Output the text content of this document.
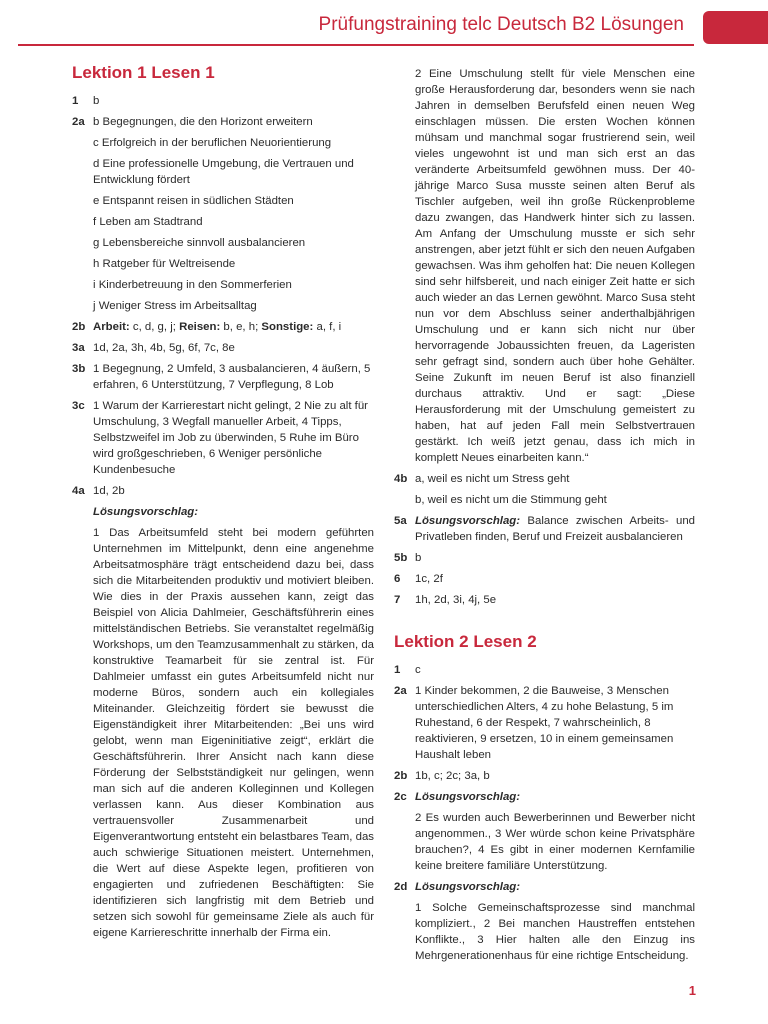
Prüfungstraining telc Deutsch B2 Lösungen
Lektion 1 Lesen 1
1 b
2a b Begegnungen, die den Horizont erweitern
c Erfolgreich in der beruflichen Neuorientierung
d Eine professionelle Umgebung, die Vertrauen und Entwicklung fördert
e Entspannt reisen in südlichen Städten
f Leben am Stadtrand
g Lebensbereiche sinnvoll ausbalancieren
h Ratgeber für Weltreisende
i Kinderbetreuung in den Sommerferien
j Weniger Stress im Arbeitsalltag
2b Arbeit: c, d, g, j; Reisen: b, e, h; Sonstige: a, f, i
3a 1d, 2a, 3h, 4b, 5g, 6f, 7c, 8e
3b 1 Begegnung, 2 Umfeld, 3 ausbalancieren, 4 äußern, 5 erfahren, 6 Unterstützung, 7 Verpflegung, 8 Lob
3c 1 Warum der Karrierestart nicht gelingt, 2 Nie zu alt für Umschulung, 3 Wegfall manueller Arbeit, 4 Tipps, Selbstzweifel im Job zu überwinden, 5 Ruhe im Büro wird großgeschrieben, 6 Weniger persönliche Kundenbesuche
4a 1d, 2b
Lösungsvorschlag:
1 Das Arbeitsumfeld steht bei modern geführten Unternehmen im Mittelpunkt, denn eine angenehme Arbeitsatmosphäre trägt entscheidend dazu bei, dass sich die Mitarbeitenden produktiv und motiviert bleiben. Wie dies in der Praxis aussehen kann, zeigt das Beispiel von Alicia Dahlmeier, Geschäftsführerin eines mittelständischen Betriebs. Sie veranstaltet regelmäßig Workshops, um den Teamzusammenhalt zu stärken, da konstruktive Teamarbeit für sie zentral ist. Für Dahlmeier umfasst ein gutes Arbeitsumfeld nicht nur moderne Büros, sondern auch ein kollegiales Miteinander. Gleichzeitig fördert sie bewusst die Eigenständigkeit ihrer Mitarbeitenden: „Bei uns wird gelobt, wenn man Eigeninitiative zeigt“, erklärt die Geschäftsführerin. Ihrer Ansicht nach kann diese Förderung der Selbstständigkeit nur gelingen, wenn man sich auf die anderen Kolleginnen und Kollegen verlassen kann. Aus dieser Kombination aus vertrauensvoller Zusammenarbeit und Eigenverantwortung entsteht ein belastbares Team, das auch schwierige Situationen meistert. Unternehmen, die Wert auf diese Aspekte legen, profitieren von engagierten und zufriedenen Beschäftigten: Sie identifizieren sich langfristig mit dem Betrieb und setzen sich sowohl für gemeinsame Ziele als auch für eigene Karriereschritte innerhalb der Firma ein.
2 Eine Umschulung stellt für viele Menschen eine große Herausforderung dar, besonders wenn sie nach Jahren in demselben Berufsfeld einen neuen Weg einschlagen müssen. Die ersten Wochen können mühsam und manchmal sogar frustrierend sein, weil vieles ungewohnt ist und man sich erst an das veränderte Arbeitsumfeld gewöhnen muss. Der 40-jährige Marco Susa musste seinen alten Beruf als Tischler aufgeben, weil ihn große Rückenprobleme dazu zwangen, das Handwerk hinter sich zu lassen. Am Anfang der Umschulung musste er sich sehr anstrengen, aber jetzt fühlt er sich den neuen Aufgaben gewachsen. Was ihm geholfen hat: Die neuen Kollegen sind sehr hilfsbereit, und nach einiger Zeit hatte er sich auch wieder an das Lernen gewöhnt. Marco Susa steht nun vor dem Abschluss seiner anderthalbjährigen Umschulung und er kann sich nicht nur über hervorragende Jobaussichten freuen, da Lageristen sehr gefragt sind, sondern auch über hohe Gehälter. Seine Zukunft im neuen Beruf ist also finanziell durchaus attraktiv. Und er sagt: „Diese Herausforderung mit der Umschulung gemeistert zu haben, hat auf jeden Fall mein Selbstvertrauen gestärkt. Ich weiß jetzt genau, dass ich mich in komplett Neues einarbeiten kann.“
4b a, weil es nicht um Stress geht
b, weil es nicht um die Stimmung geht
5a Lösungsvorschlag: Balance zwischen Arbeits- und Privatleben finden, Beruf und Freizeit ausbalancieren
5b b
6 1c, 2f
7 1h, 2d, 3i, 4j, 5e
Lektion 2 Lesen 2
1 c
2a 1 Kinder bekommen, 2 die Bauweise, 3 Menschen unterschiedlichen Alters, 4 zu hohe Belastung, 5 im Ruhestand, 6 der Respekt, 7 wahrscheinlich, 8 reaktivieren, 9 ersetzen, 10 in einem gemeinsamen Haushalt leben
2b 1b, c; 2c; 3a, b
2c Lösungsvorschlag:
2 Es wurden auch Bewerberinnen und Bewerber nicht angenommen., 3 Wer würde schon keine Privatsphäre brauchen?, 4 Es gibt in einer modernen Kernfamilie keine breitere familiäre Unterstützung.
2d Lösungsvorschlag:
1 Solche Gemeinschaftsprozesse sind manchmal kompliziert., 2 Bei manchen Haustreffen entstehen Konflikte., 3 Hier halten alle den Einzug ins Mehrgenerationenhaus für eine richtige Entscheidung.
1
